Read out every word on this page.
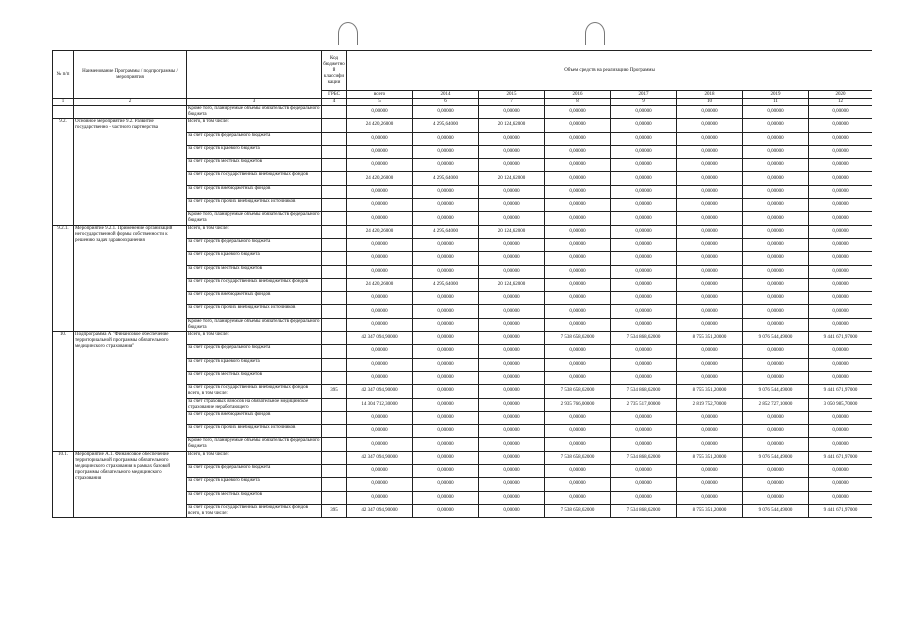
№ п/п	Наименование Программы / подпрограммы / мероприятия		Код бюджетной классификации	Объем средств на реализацию Программы							
			ГРБС	всего	2014	2015	2016	2017	2018	2019	2020
1	2	3	4	5	6	7	8	9	10	11	12
		Кроме того, планируемые объемы обязательств федерального бюджета		0,00000	0,00000	0,00000	0,00000	0,00000	0,00000	0,00000	0,00000
9.2.	Основное мероприятие 9.2. Развитие государственно - частного партнерства	Всего, в том числе:		24 420,26000	4 295,64000	20 124,62000	0,00000	0,00000	0,00000	0,00000	0,00000
		за счет средств федерального бюджета		0,00000	0,00000	0,00000	0,00000	0,00000	0,00000	0,00000	0,00000
		за счет средств краевого бюджета		0,00000	0,00000	0,00000	0,00000	0,00000	0,00000	0,00000	0,00000
		за счет средств местных бюджетов		0,00000	0,00000	0,00000	0,00000	0,00000	0,00000	0,00000	0,00000
		за счет средств государственных внебюджетных фондов		24 420,26000	4 295,64000	20 124,62000	0,00000	0,00000	0,00000	0,00000	0,00000
		за счет средств внебюджетных фондов		0,00000	0,00000	0,00000	0,00000	0,00000	0,00000	0,00000	0,00000
		за счет средств прочих внебюджетных источников		0,00000	0,00000	0,00000	0,00000	0,00000	0,00000	0,00000	0,00000
		Кроме того, планируемые объемы обязательств федерального бюджета		0,00000	0,00000	0,00000	0,00000	0,00000	0,00000	0,00000	0,00000
9.2.1.	Мероприятие 9.2.1. Применение организаций негосударственной формы собственности к решению задач здравоохранения	Всего, в том числе:		24 420,26000	4 295,64000	20 124,62000	0,00000	0,00000	0,00000	0,00000	0,00000
		за счет средств федерального бюджета		0,00000	0,00000	0,00000	0,00000	0,00000	0,00000	0,00000	0,00000
		за счет средств краевого бюджета		0,00000	0,00000	0,00000	0,00000	0,00000	0,00000	0,00000	0,00000
		за счет средств местных бюджетов		0,00000	0,00000	0,00000	0,00000	0,00000	0,00000	0,00000	0,00000
		за счет средств государственных внебюджетных фондов		24 420,26000	4 295,64000	20 124,62000	0,00000	0,00000	0,00000	0,00000	0,00000
		за счет средств внебюджетных фондов		0,00000	0,00000	0,00000	0,00000	0,00000	0,00000	0,00000	0,00000
		за счет средств прочих внебюджетных источников		0,00000	0,00000	0,00000	0,00000	0,00000	0,00000	0,00000	0,00000
		Кроме того, планируемые объемы обязательств федерального бюджета		0,00000	0,00000	0,00000	0,00000	0,00000	0,00000	0,00000	0,00000
10.	Подпрограмма А "Финансовое обеспечение территориальной программы обязательного медицинского страхования"	Всего, в том числе:		42 347 094,90000	0,00000	0,00000	7 538 658,62000	7 534 868,62000	8 755 351,20000	9 076 544,49000	9 441 671,97000
		за счет средств федерального бюджета		0,00000	0,00000	0,00000	0,00000	0,00000	0,00000	0,00000	0,00000
		за счет средств краевого бюджета		0,00000	0,00000	0,00000	0,00000	0,00000	0,00000	0,00000	0,00000
		за счет средств местных бюджетов		0,00000	0,00000	0,00000	0,00000	0,00000	0,00000	0,00000	0,00000
		за счет средств государственных внебюджетных фондов всего, в том числе:	395	42 347 094,90000	0,00000	0,00000	7 538 658,62000	7 534 868,62000	8 755 351,20000	9 076 544,49000	9 441 671,97000
		за счет страховых взносов на обязательное медицинское страхование неработающего		14 304 712,30000	0,00000	0,00000	2 935 766,00000	2 735 517,00000	2 819 752,70000	2 852 727,10000	3 050 985,70000
		за счет средств внебюджетных фондов		0,00000	0,00000	0,00000	0,00000	0,00000	0,00000	0,00000	0,00000
		за счет средств прочих внебюджетных источников		0,00000	0,00000	0,00000	0,00000	0,00000	0,00000	0,00000	0,00000
		Кроме того, планируемые объемы обязательств федерального бюджета		0,00000	0,00000	0,00000	0,00000	0,00000	0,00000	0,00000	0,00000
10.1.	Мероприятие А.1. Финансовое обеспечение территориальной программы обязательного медицинского страхования в рамках базовой программы обязательного медицинского страхования	Всего, в том числе:		42 347 094,90000	0,00000	0,00000	7 538 658,62000	7 534 868,62000	8 755 351,20000	9 076 544,49000	9 441 671,97000
		за счет средств федерального бюджета		0,00000	0,00000	0,00000	0,00000	0,00000	0,00000	0,00000	0,00000
		за счет средств краевого бюджета		0,00000	0,00000	0,00000	0,00000	0,00000	0,00000	0,00000	0,00000
		за счет средств местных бюджетов		0,00000	0,00000	0,00000	0,00000	0,00000	0,00000	0,00000	0,00000
		за счет средств государственных внебюджетных фондов всего, в том числе:	395	42 347 094,90000	0,00000	0,00000	7 538 658,62000	7 534 868,62000	8 755 351,20000	9 076 544,49000	9 441 671,97000
